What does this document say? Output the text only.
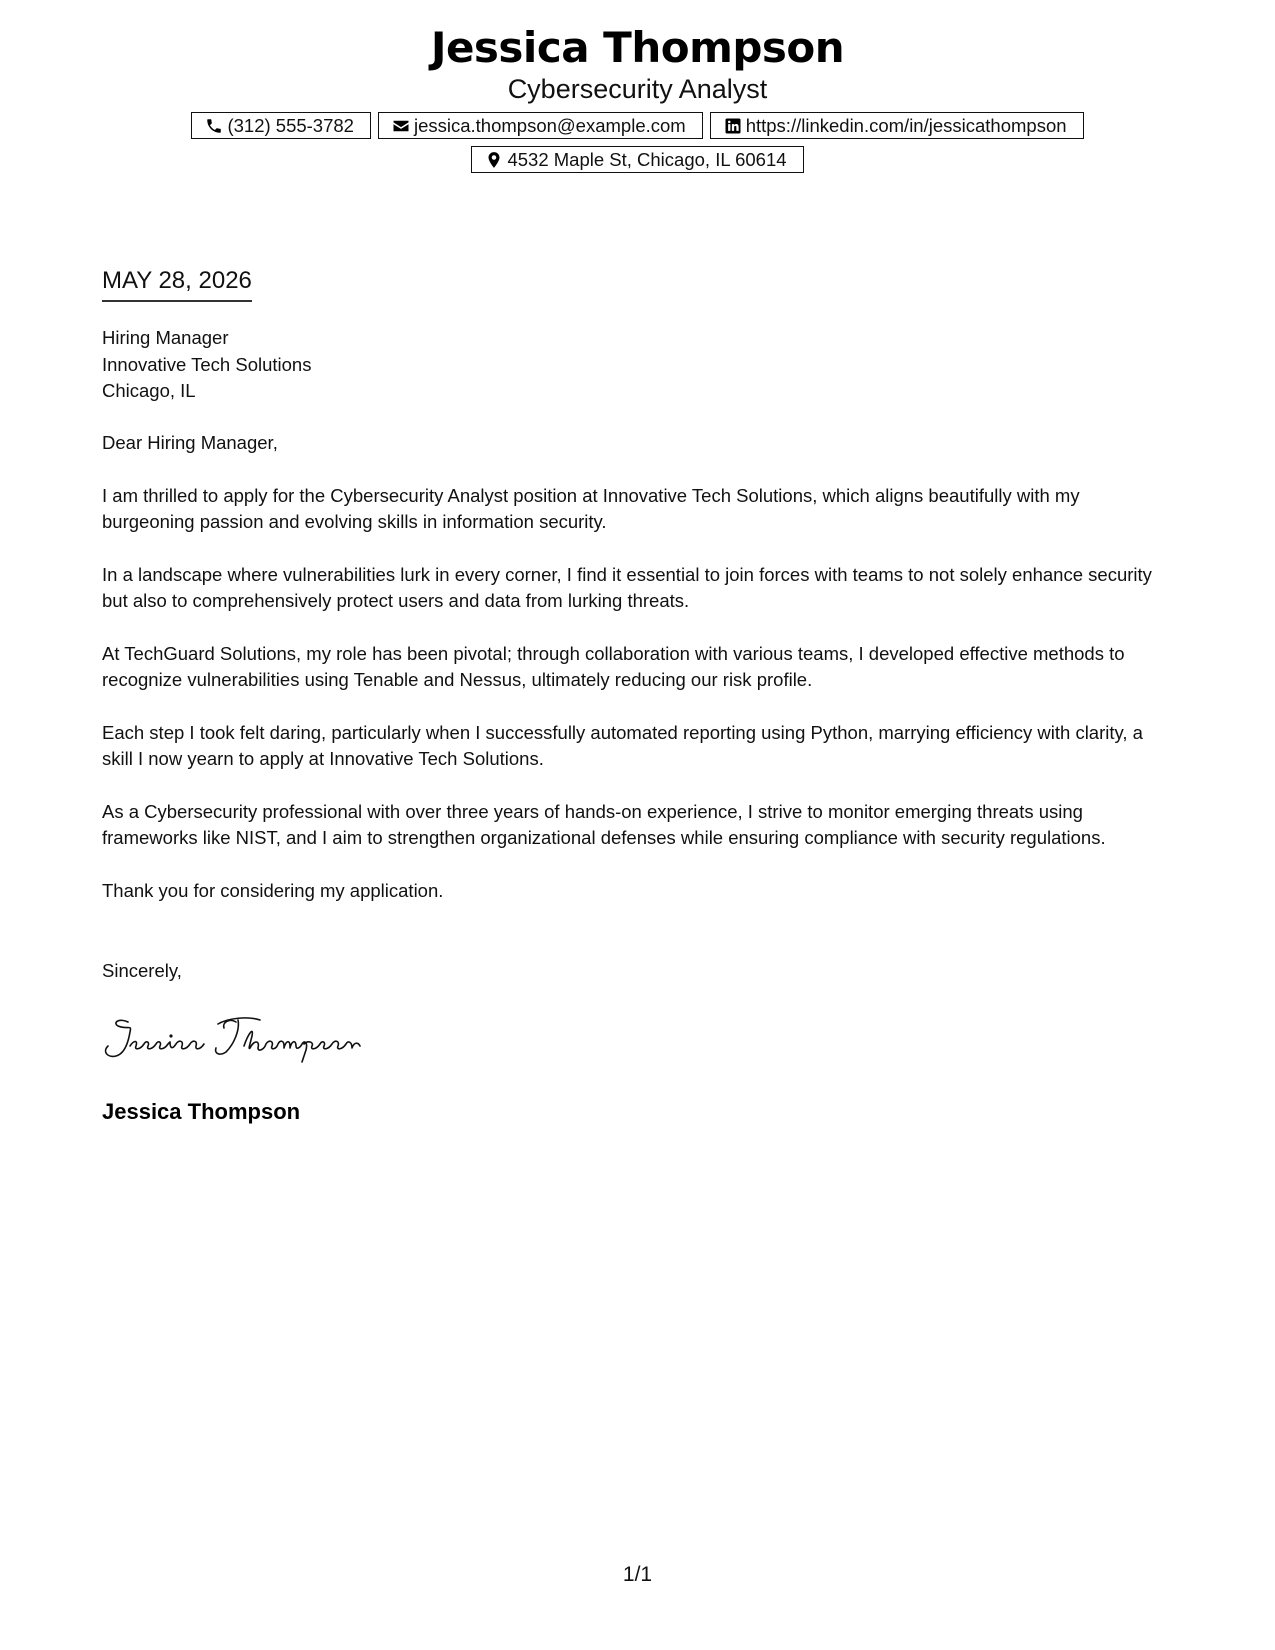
Jessica Thompson
Cybersecurity Analyst
(312) 555-3782	jessica.thompson@example.com	https://linkedin.com/in/jessicathompson
4532 Maple St, Chicago, IL 60614
MAY 28, 2026
Hiring Manager
Innovative Tech Solutions
Chicago, IL

Dear Hiring Manager,

I am thrilled to apply for the Cybersecurity Analyst position at Innovative Tech Solutions, which aligns beautifully with my burgeoning passion and evolving skills in information security.

In a landscape where vulnerabilities lurk in every corner, I find it essential to join forces with teams to not solely enhance security but also to comprehensively protect users and data from lurking threats.

At TechGuard Solutions, my role has been pivotal; through collaboration with various teams, I developed effective methods to recognize vulnerabilities using Tenable and Nessus, ultimately reducing our risk profile.

Each step I took felt daring, particularly when I successfully automated reporting using Python, marrying efficiency with clarity, a skill I now yearn to apply at Innovative Tech Solutions.

As a Cybersecurity professional with over three years of hands-on experience, I strive to monitor emerging threats using frameworks like NIST, and I aim to strengthen organizational defenses while ensuring compliance with security regulations.

Thank you for considering my application.

Sincerely,
Jessica Thompson
1/1
